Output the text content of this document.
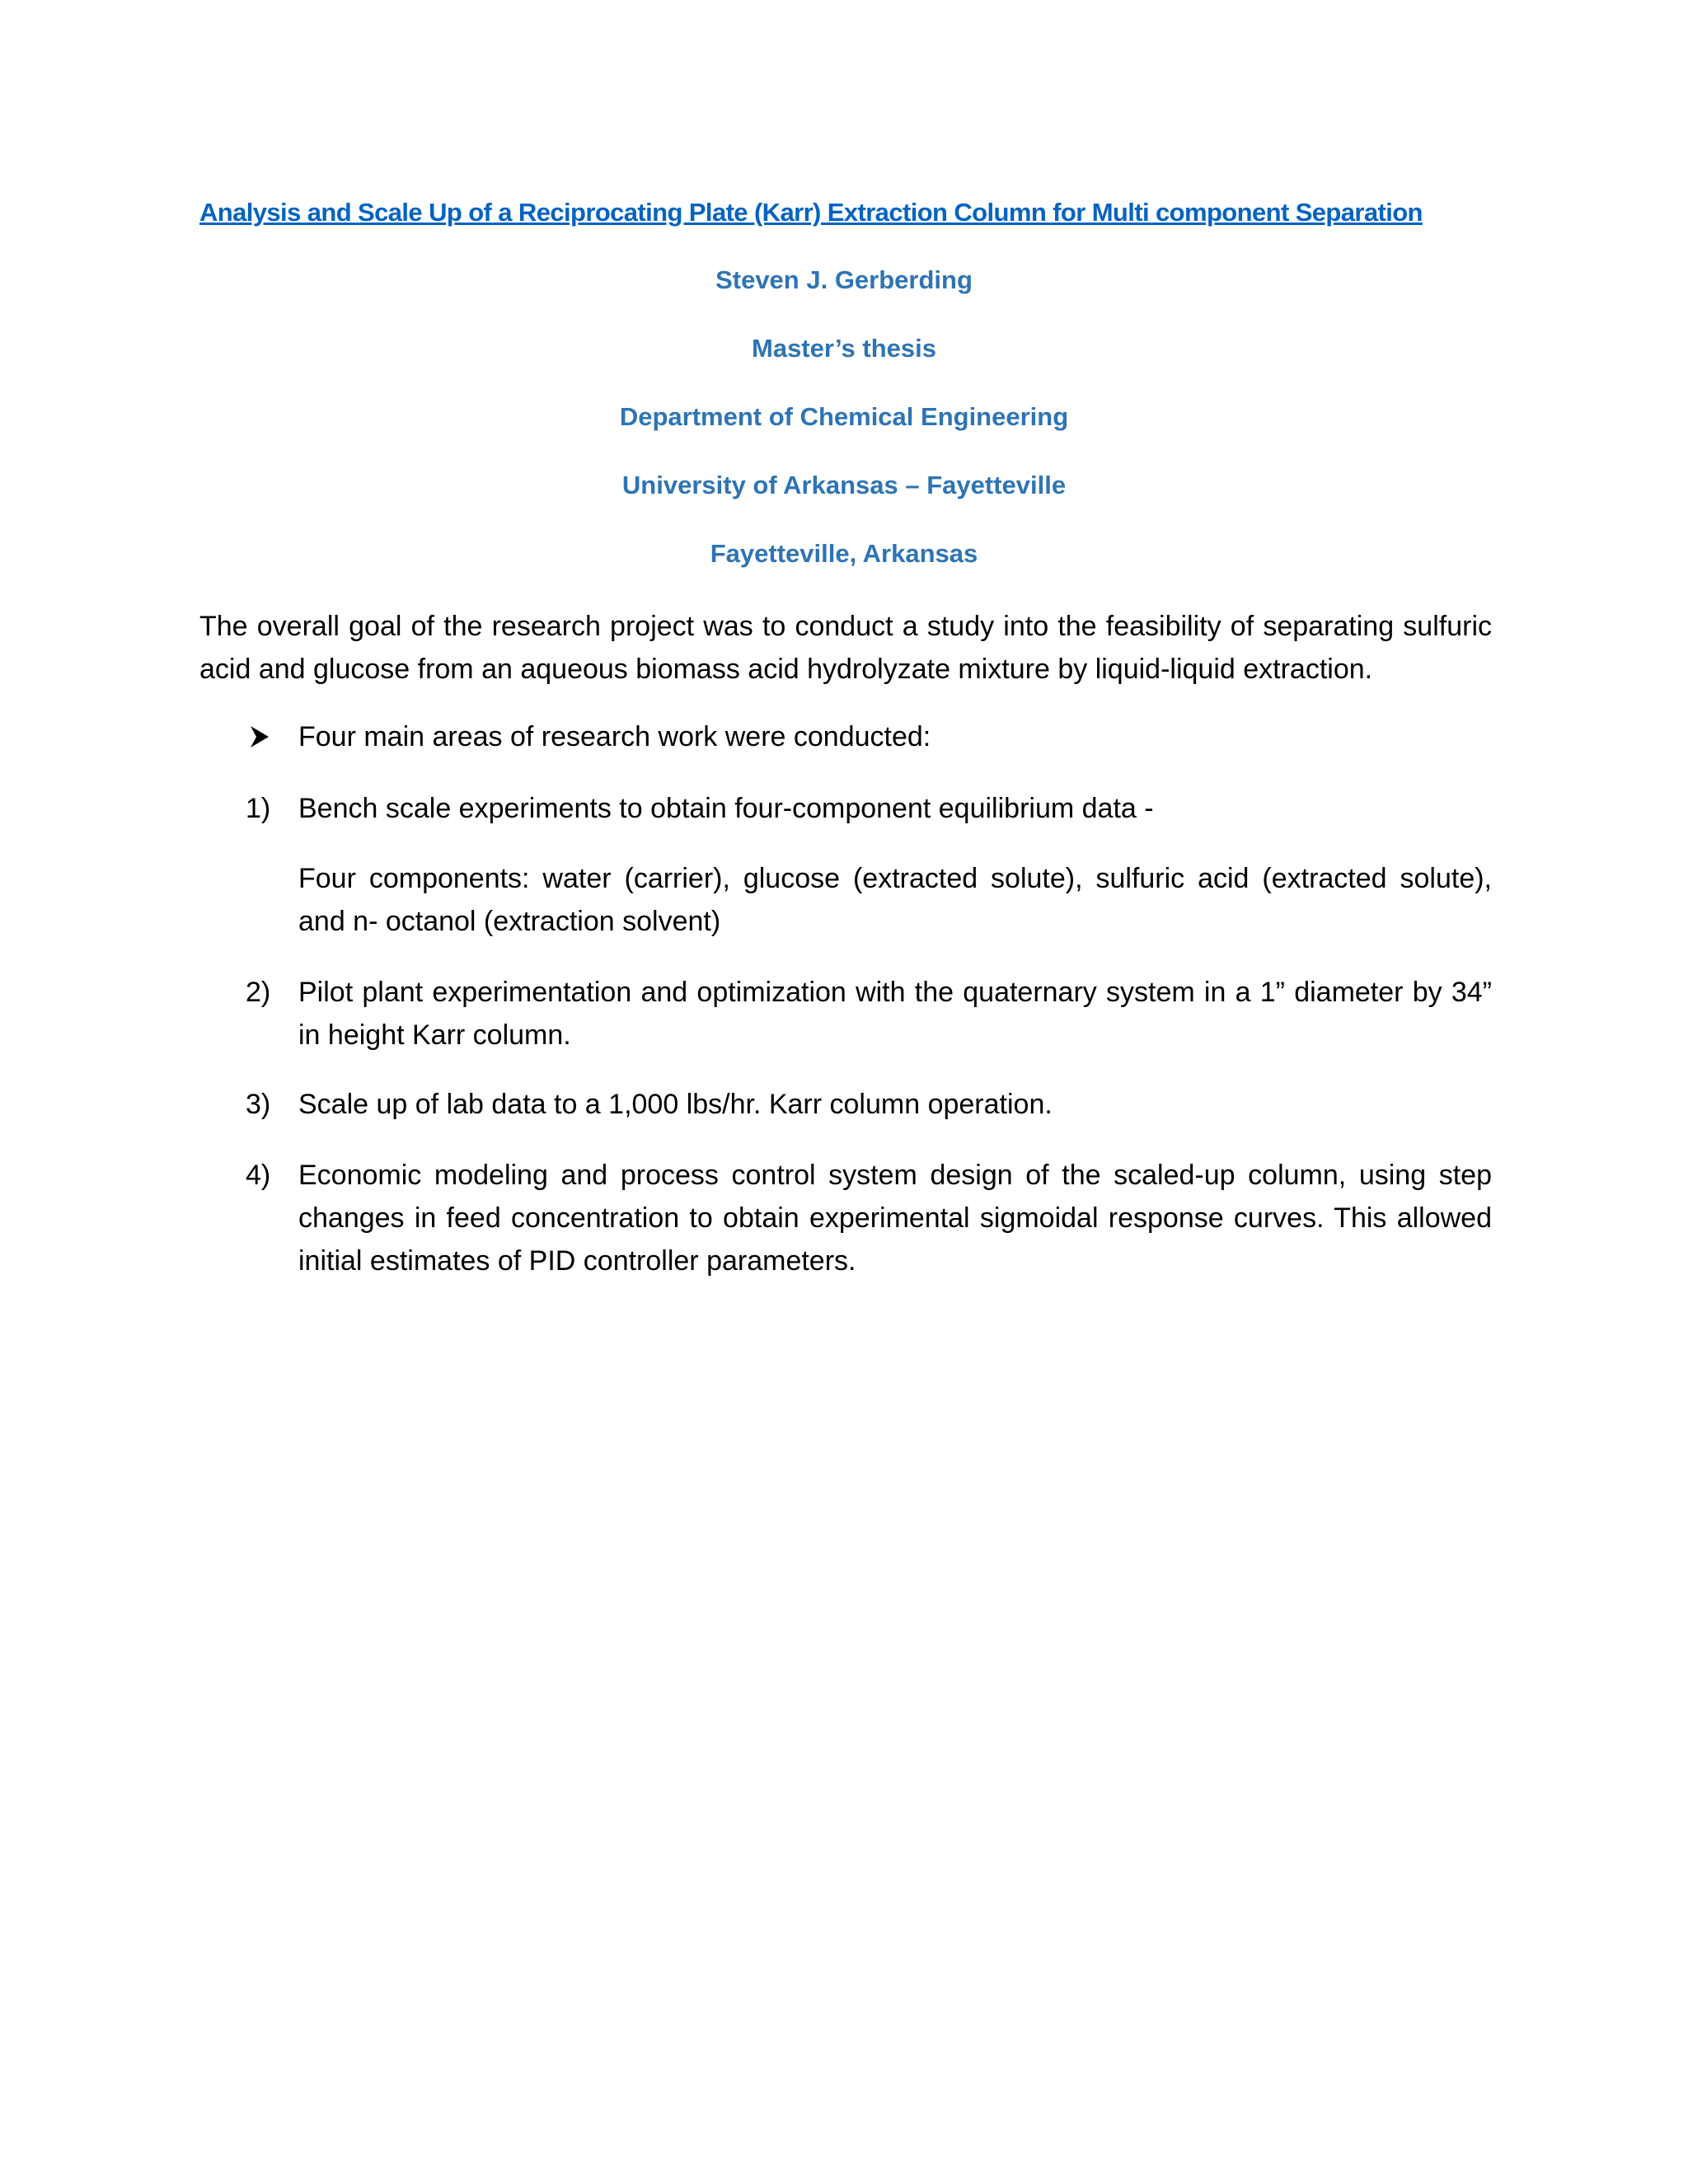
Analysis and Scale Up of a Reciprocating Plate (Karr) Extraction Column for Multi component Separation
Steven J. Gerberding
Master’s thesis
Department of Chemical Engineering
University of Arkansas – Fayetteville
Fayetteville, Arkansas
The overall goal of the research project was to conduct a study into the feasibility of separating sulfuric acid and glucose from an aqueous biomass acid hydrolyzate mixture by liquid-liquid extraction.
Four main areas of research work were conducted:
1) Bench scale experiments to obtain four-component equilibrium data -
Four components: water (carrier), glucose (extracted solute), sulfuric acid (extracted solute), and n- octanol (extraction solvent)
2) Pilot plant experimentation and optimization with the quaternary system in a 1” diameter by 34” in height Karr column.
3) Scale up of lab data to a 1,000 lbs/hr. Karr column operation.
4) Economic modeling and process control system design of the scaled-up column, using step changes in feed concentration to obtain experimental sigmoidal response curves. This allowed initial estimates of PID controller parameters.
